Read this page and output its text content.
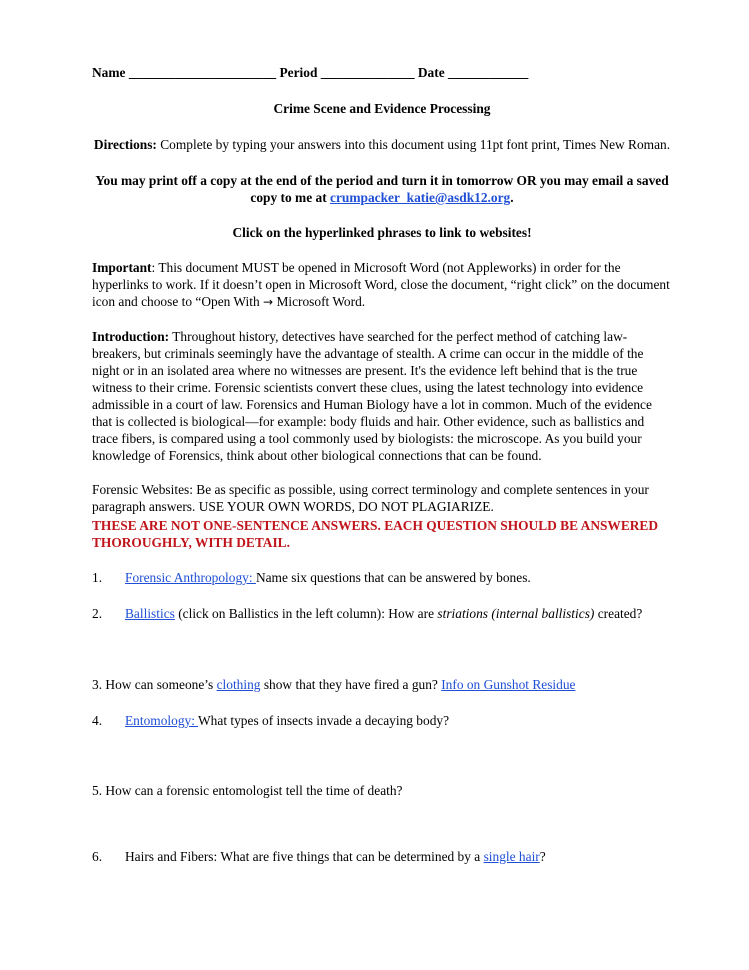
Name ______________________ Period ______________ Date ____________

Crime Scene and Evidence Processing

Directions: Complete by typing your answers into this document using 11pt font print, Times New Roman.

You may print off a copy at the end of the period and turn it in tomorrow OR you may email a saved
copy to me at crumpacker_katie@asdk12.org.

Click on the hyperlinked phrases to link to websites!

Important: This document MUST be opened in Microsoft Word (not Appleworks) in order for the hyperlinks to work. If it doesn’t open in Microsoft Word, close the document, “right click” on the document icon and choose to “Open With → Microsoft Word.

Introduction: Throughout history, detectives have searched for the perfect method of catching law-breakers, but criminals seemingly have the advantage of stealth. A crime can occur in the middle of the night or in an isolated area where no witnesses are present. It's the evidence left behind that is the true witness to their crime. Forensic scientists convert these clues, using the latest technology into evidence admissible in a court of law. Forensics and Human Biology have a lot in common. Much of the evidence that is collected is biological—for example: body fluids and hair. Other evidence, such as ballistics and trace fibers, is compared using a tool commonly used by biologists: the microscope. As you build your knowledge of Forensics, think about other biological connections that can be found.

Forensic Websites: Be as specific as possible, using correct terminology and complete sentences in your paragraph answers. USE YOUR OWN WORDS, DO NOT PLAGIARIZE.

THESE ARE NOT ONE-SENTENCE ANSWERS. EACH QUESTION SHOULD BE ANSWERED
THOROUGHLY, WITH DETAIL.

1. Forensic Anthropology: Name six questions that can be answered by bones.

2. Ballistics (click on Ballistics in the left column): How are striations (internal ballistics) created?

3. How can someone’s clothing show that they have fired a gun? Info on Gunshot Residue

4. Entomology: What types of insects invade a decaying body?

5. How can a forensic entomologist tell the time of death?

6. Hairs and Fibers: What are five things that can be determined by a single hair?
